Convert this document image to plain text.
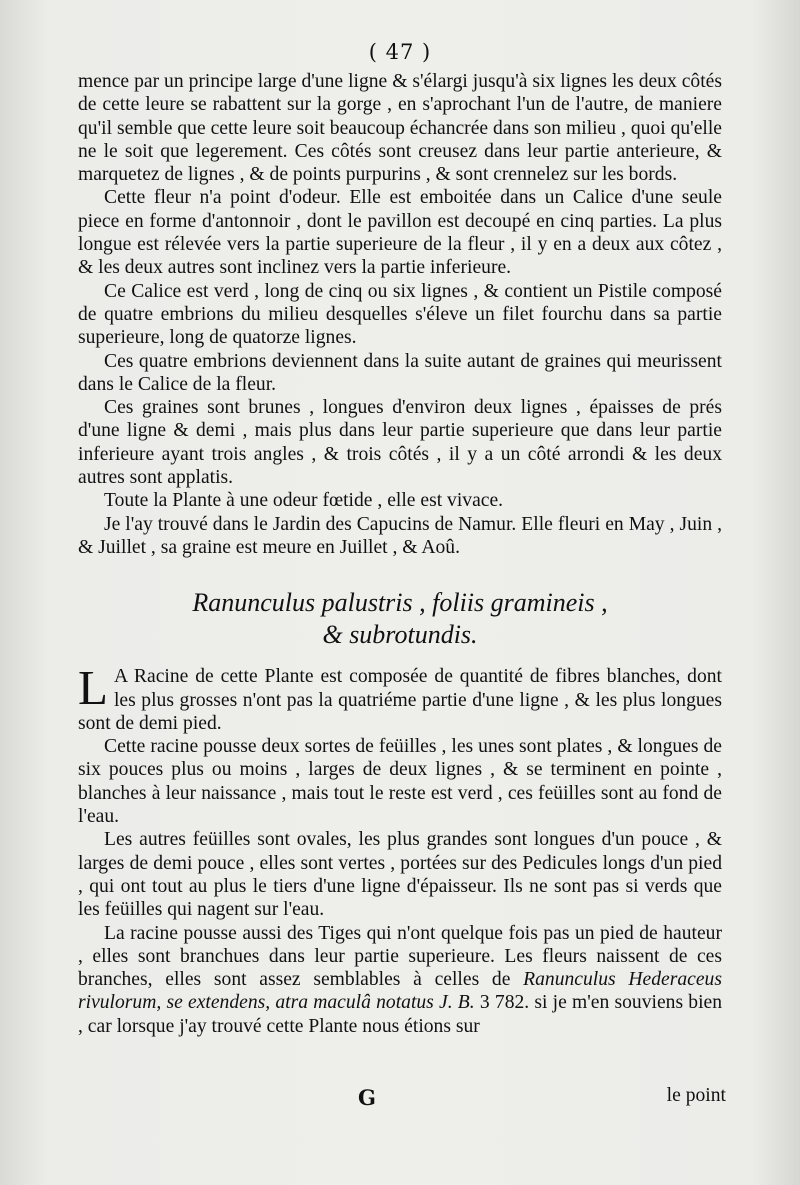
( 47 )

mence par un principe large d'une ligne & s'élargi jusqu'à six lignes les deux côtés de cette leure se rabattent sur la gorge , en s'aprochant l'un de l'autre, de maniere qu'il semble que cette leure soit beaucoup échancrée dans son milieu , quoi qu'elle ne le soit que legerement. Ces côtés sont creusez dans leur partie anterieure, & marquetez de lignes , & de points purpurins , & sont crennelez sur les bords.

Cette fleur n'a point d'odeur. Elle est emboitée dans un Calice d'une seule piece en forme d'antonnoir , dont le pavillon est decoupé en cinq parties. La plus longue est rélevée vers la partie superieure de la fleur , il y en a deux aux côtez , & les deux autres sont inclinez vers la partie inferieure.

Ce Calice est verd , long de cinq ou six lignes , & contient un Pistile composé de quatre embrions du milieu desquelles s'éleve un filet fourchu dans sa partie superieure, long de quatorze lignes.

Ces quatre embrions deviennent dans la suite autant de graines qui meurissent dans le Calice de la fleur.

Ces graines sont brunes , longues d'environ deux lignes , épaisses de prés d'une ligne & demi , mais plus dans leur partie superieure que dans leur partie inferieure ayant trois angles , & trois côtés , il y a un côté arrondi & les deux autres sont applatis.

Toute la Plante à une odeur fœtide , elle est vivace.

Je l'ay trouvé dans le Jardin des Capucins de Namur. Elle fleuri en May , Juin , & Juillet , sa graine est meure en Juillet , & Aoû.

Ranunculus palustris , foliis gramineis ,
& subrotundis.

L A Racine de cette Plante est composée de quantité de fibres blanches, dont les plus grosses n'ont pas la quatriéme partie d'une ligne , & les plus longues sont de demi pied.

Cette racine pousse deux sortes de feüilles , les unes sont plates , & longues de six pouces plus ou moins , larges de deux lignes , & se terminent en pointe , blanches à leur naissance , mais tout le reste est verd , ces feüilles sont au fond de l'eau.

Les autres feüilles sont ovales, les plus grandes sont longues d'un pouce , & larges de demi pouce , elles sont vertes , portées sur des Pedicules longs d'un pied , qui ont tout au plus le tiers d'une ligne d'épaisseur. Ils ne sont pas si verds que les feüilles qui nagent sur l'eau.

La racine pousse aussi des Tiges qui n'ont quelque fois pas un pied de hauteur , elles sont branchues dans leur partie superieure. Les fleurs naissent de ces branches, elles sont assez semblables à celles de Ranunculus Hederaceus rivulorum, se extendens, atra maculâ notatus J. B. 3 782. si je m'en souviens bien , car lorsque j'ay trouvé cette Plante nous étions sur

G	le point
